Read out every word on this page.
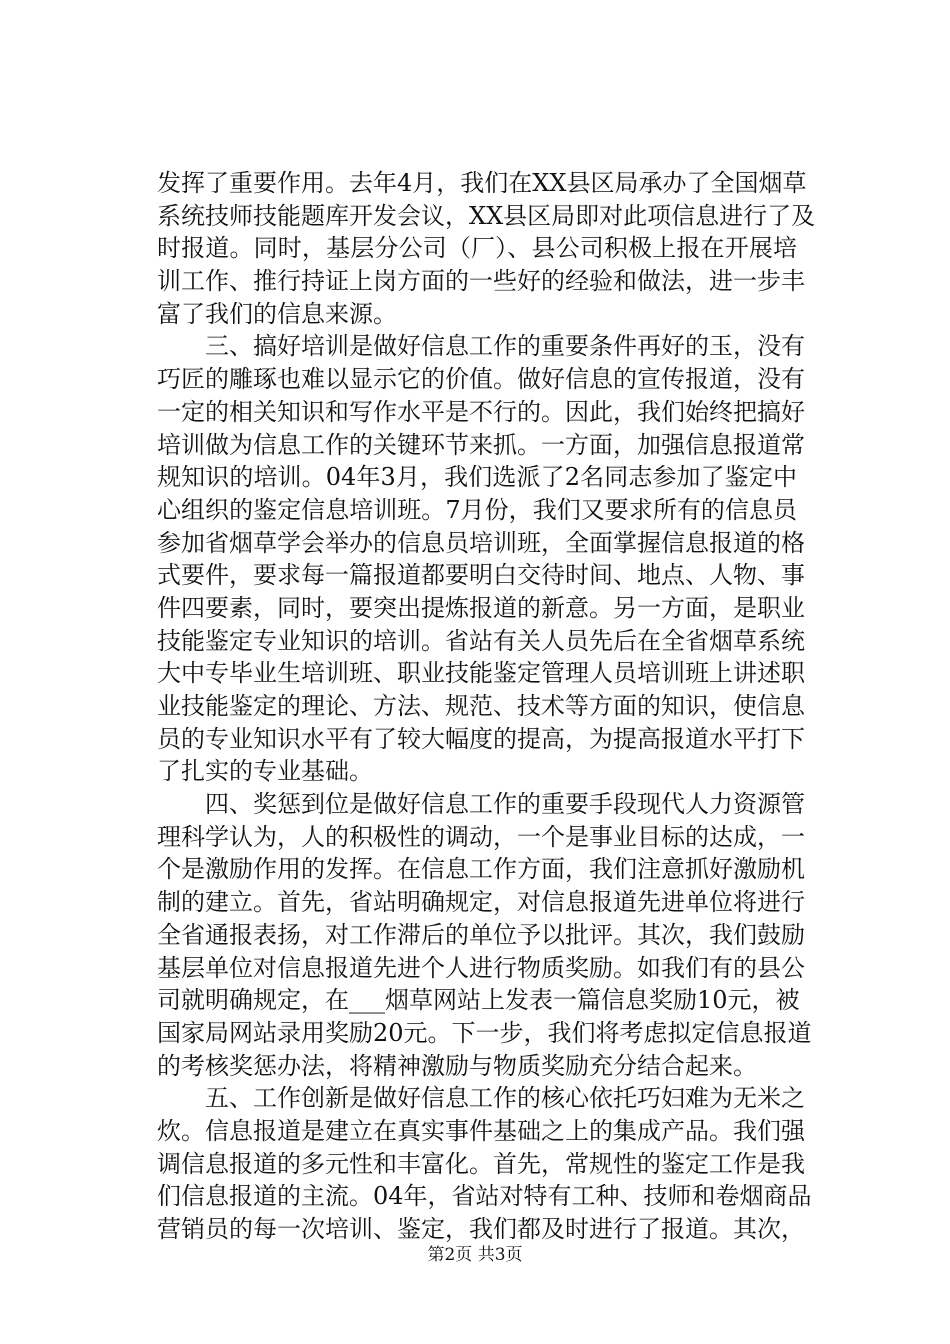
发挥了重要作用。去年4月，我们在XX县区局承办了全国烟草
系统技师技能题库开发会议，XX县区局即对此项信息进行了及
时报道。同时，基层分公司（厂）、县公司积极上报在开展培
训工作、推行持证上岗方面的一些好的经验和做法，进一步丰
富了我们的信息来源。
　　三、搞好培训是做好信息工作的重要条件再好的玉，没有
巧匠的雕琢也难以显示它的价值。做好信息的宣传报道，没有
一定的相关知识和写作水平是不行的。因此，我们始终把搞好
培训做为信息工作的关键环节来抓。一方面，加强信息报道常
规知识的培训。04年3月，我们选派了2名同志参加了鉴定中
心组织的鉴定信息培训班。7月份，我们又要求所有的信息员
参加省烟草学会举办的信息员培训班，全面掌握信息报道的格
式要件，要求每一篇报道都要明白交待时间、地点、人物、事
件四要素，同时，要突出提炼报道的新意。另一方面，是职业
技能鉴定专业知识的培训。省站有关人员先后在全省烟草系统
大中专毕业生培训班、职业技能鉴定管理人员培训班上讲述职
业技能鉴定的理论、方法、规范、技术等方面的知识，使信息
员的专业知识水平有了较大幅度的提高，为提高报道水平打下
了扎实的专业基础。
　　四、奖惩到位是做好信息工作的重要手段现代人力资源管
理科学认为，人的积极性的调动，一个是事业目标的达成，一
个是激励作用的发挥。在信息工作方面，我们注意抓好激励机
制的建立。首先，省站明确规定，对信息报道先进单位将进行
全省通报表扬，对工作滞后的单位予以批评。其次，我们鼓励
基层单位对信息报道先进个人进行物质奖励。如我们有的县公
司就明确规定，在___烟草网站上发表一篇信息奖励10元，被
国家局网站录用奖励20元。下一步，我们将考虑拟定信息报道
的考核奖惩办法，将精神激励与物质奖励充分结合起来。
　　五、工作创新是做好信息工作的核心依托巧妇难为无米之
炊。信息报道是建立在真实事件基础之上的集成产品。我们强
调信息报道的多元性和丰富化。首先，常规性的鉴定工作是我
们信息报道的主流。04年，省站对特有工种、技师和卷烟商品
营销员的每一次培训、鉴定，我们都及时进行了报道。其次，
第2页 共3页
